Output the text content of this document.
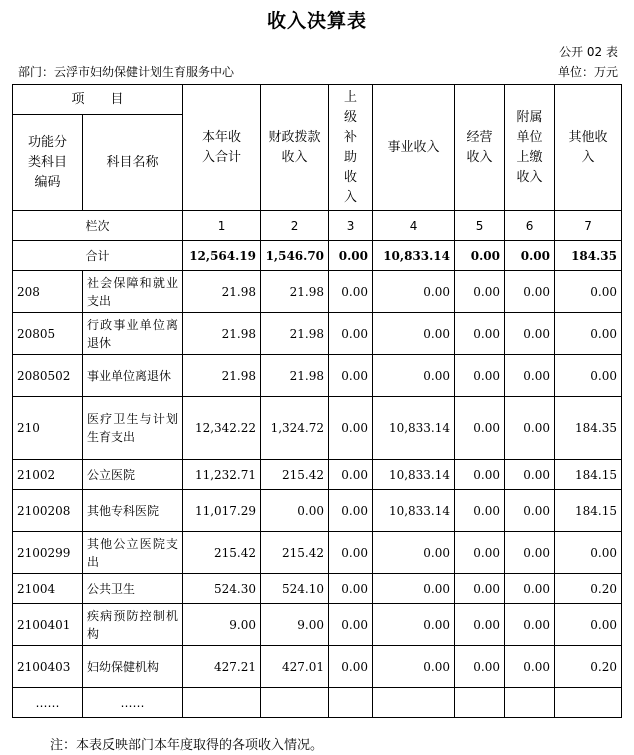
收入决算表
公开 02 表
部门：云浮市妇幼保健计划生育服务中心	单位：万元
项　　目		本年收入合计	财政拨款收入	上级补助收入	事业收入	经营收入	附属单位上缴收入	其他收入

功能分类科目编码	科目名称							
栏次		1	2	3	4	5	6	7
合计		12,564.19	1,546.70	0.00	10,833.14	0.00	0.00	184.35
208	社会保障和就业支出	21.98	21.98	0.00	0.00	0.00	0.00	0.00
20805	行政事业单位离退休	21.98	21.98	0.00	0.00	0.00	0.00	0.00
2080502	事业单位离退休	21.98	21.98	0.00	0.00	0.00	0.00	0.00
210	医疗卫生与计划生育支出	12,342.22	1,324.72	0.00	10,833.14	0.00	0.00	184.35
21002	公立医院	11,232.71	215.42	0.00	10,833.14	0.00	0.00	184.15
2100208	其他专科医院	11,017.29	0.00	0.00	10,833.14	0.00	0.00	184.15
2100299	其他公立医院支出	215.42	215.42	0.00	0.00	0.00	0.00	0.00
21004	公共卫生	524.30	524.10	0.00	0.00	0.00	0.00	0.20
2100401	疾病预防控制机构	9.00	9.00	0.00	0.00	0.00	0.00	0.00
2100403	妇幼保健机构	427.21	427.01	0.00	0.00	0.00	0.00	0.20
……	……							
注：本表反映部门本年度取得的各项收入情况。
